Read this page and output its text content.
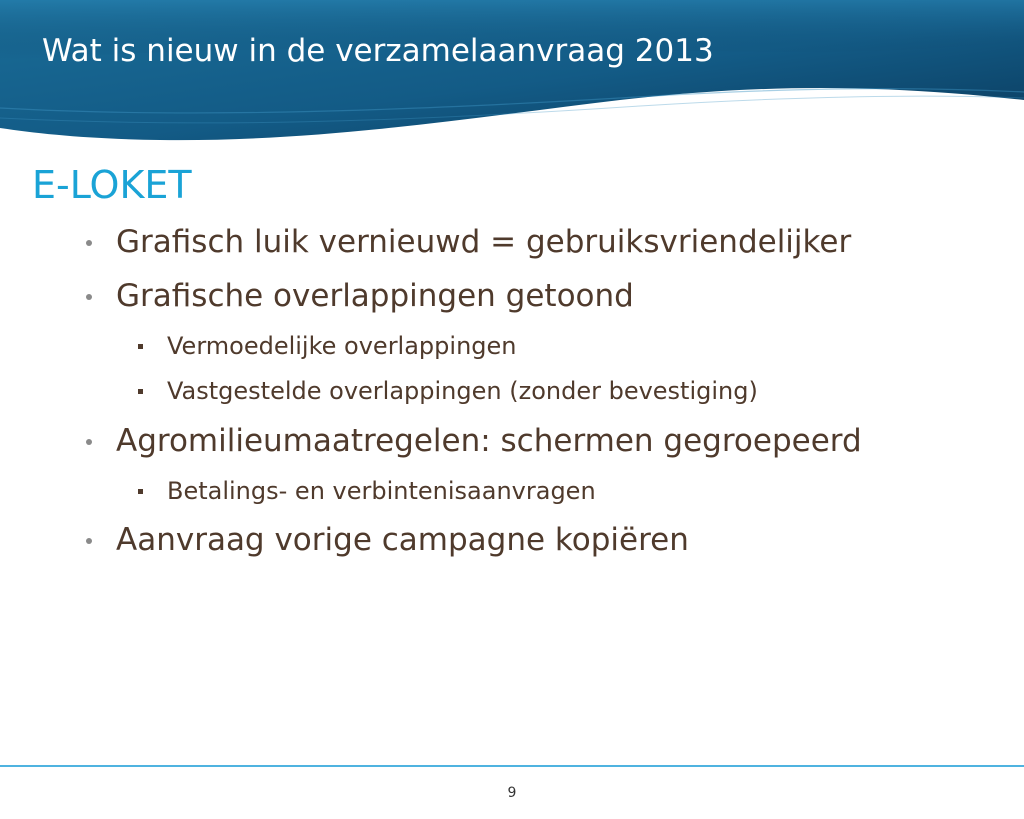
Wat is nieuw in de verzamelaanvraag 2013
E-LOKET
Grafisch luik vernieuwd = gebruiksvriendelijker
Grafische overlappingen getoond
Vermoedelijke overlappingen
Vastgestelde overlappingen (zonder bevestiging)
Agromilieumaatregelen: schermen gegroepeerd
Betalings- en verbintenisaanvragen
Aanvraag vorige campagne kopiëren
9
